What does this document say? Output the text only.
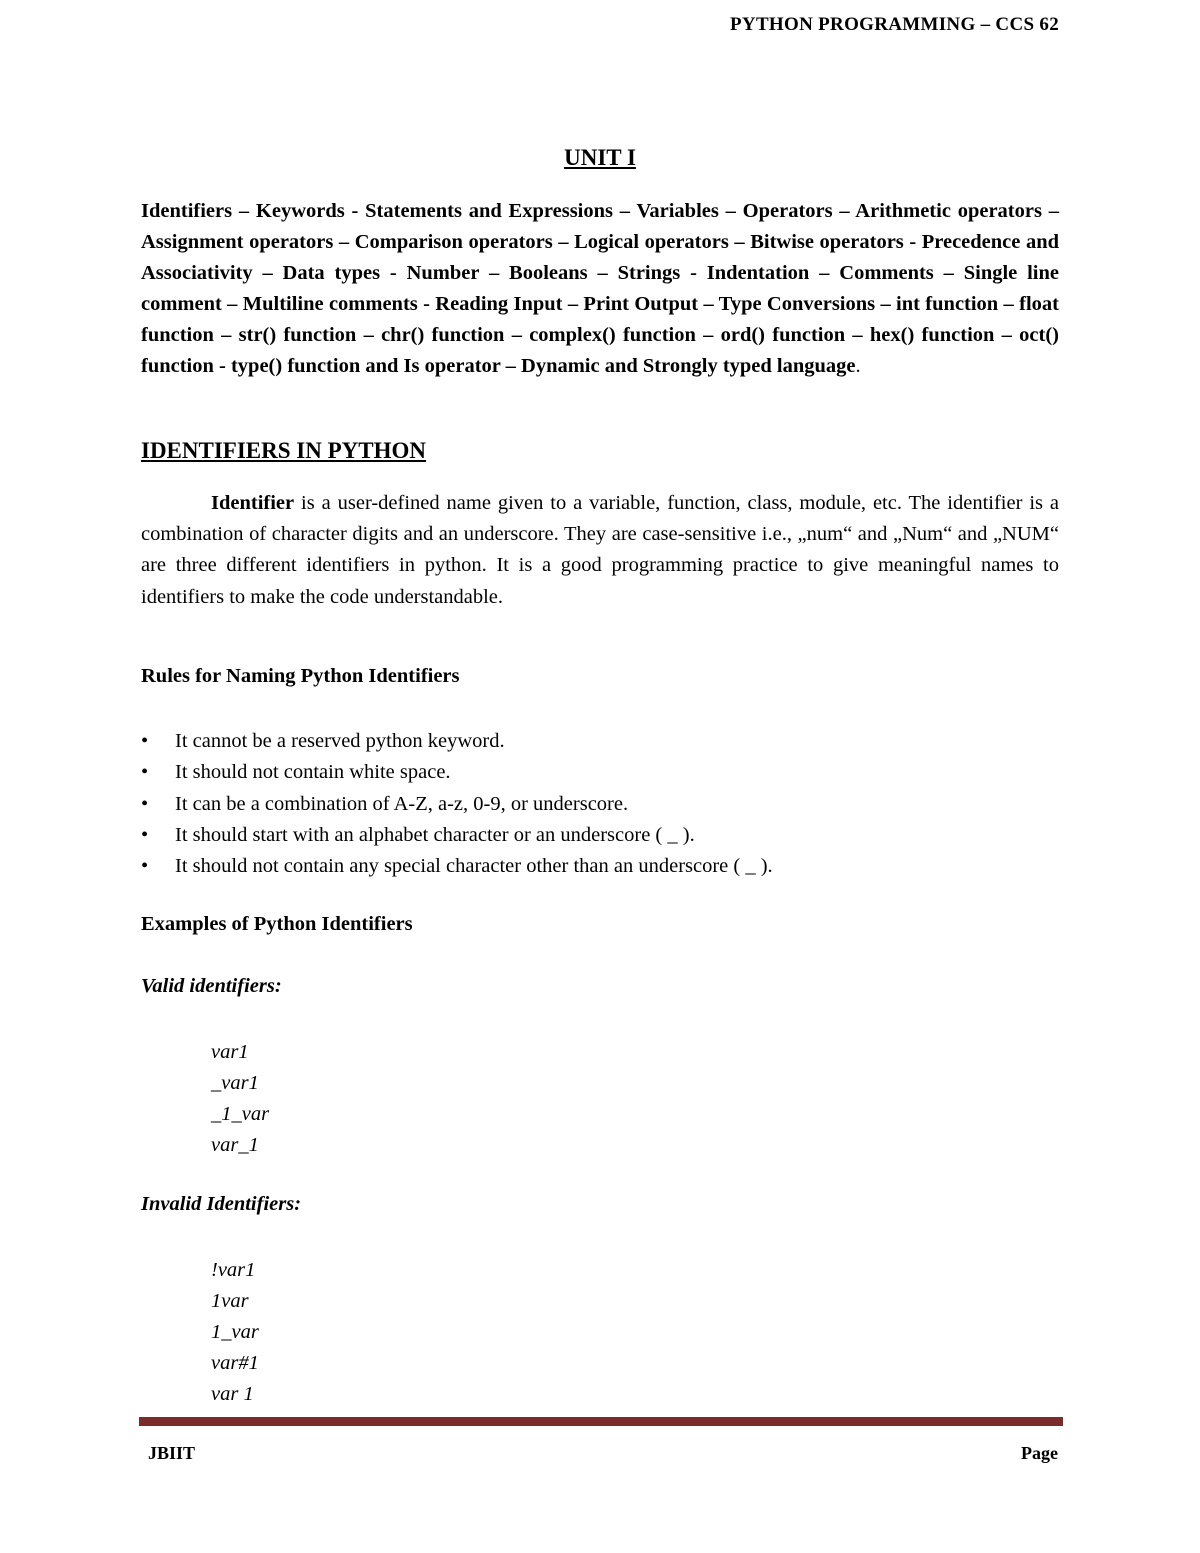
PYTHON PROGRAMMING – CCS 62
UNIT I

Identifiers – Keywords - Statements and Expressions – Variables – Operators – Arithmetic operators – Assignment operators – Comparison operators – Logical operators – Bitwise operators - Precedence and Associativity – Data types - Number – Booleans – Strings - Indentation – Comments – Single line comment – Multiline comments - Reading Input – Print Output – Type Conversions – int function – float function – str() function – chr() function – complex() function – ord() function – hex() function – oct() function - type() function and Is operator – Dynamic and Strongly typed language.

IDENTIFIERS IN PYTHON

Identifier is a user-defined name given to a variable, function, class, module, etc. The identifier is a combination of character digits and an underscore. They are case-sensitive i.e., „num“ and „Num“ and „NUM“ are three different identifiers in python. It is a good programming practice to give meaningful names to identifiers to make the code understandable.

Rules for Naming Python Identifiers

• It cannot be a reserved python keyword.
• It should not contain white space.
• It can be a combination of A-Z, a-z, 0-9, or underscore.
• It should start with an alphabet character or an underscore ( _ ).
• It should not contain any special character other than an underscore ( _ ).

Examples of Python Identifiers

Valid identifiers:

var1
_var1
_1_var
var_1

Invalid Identifiers:

!var1
1var
1_var
var#1
var 1
JBIIT	Page
